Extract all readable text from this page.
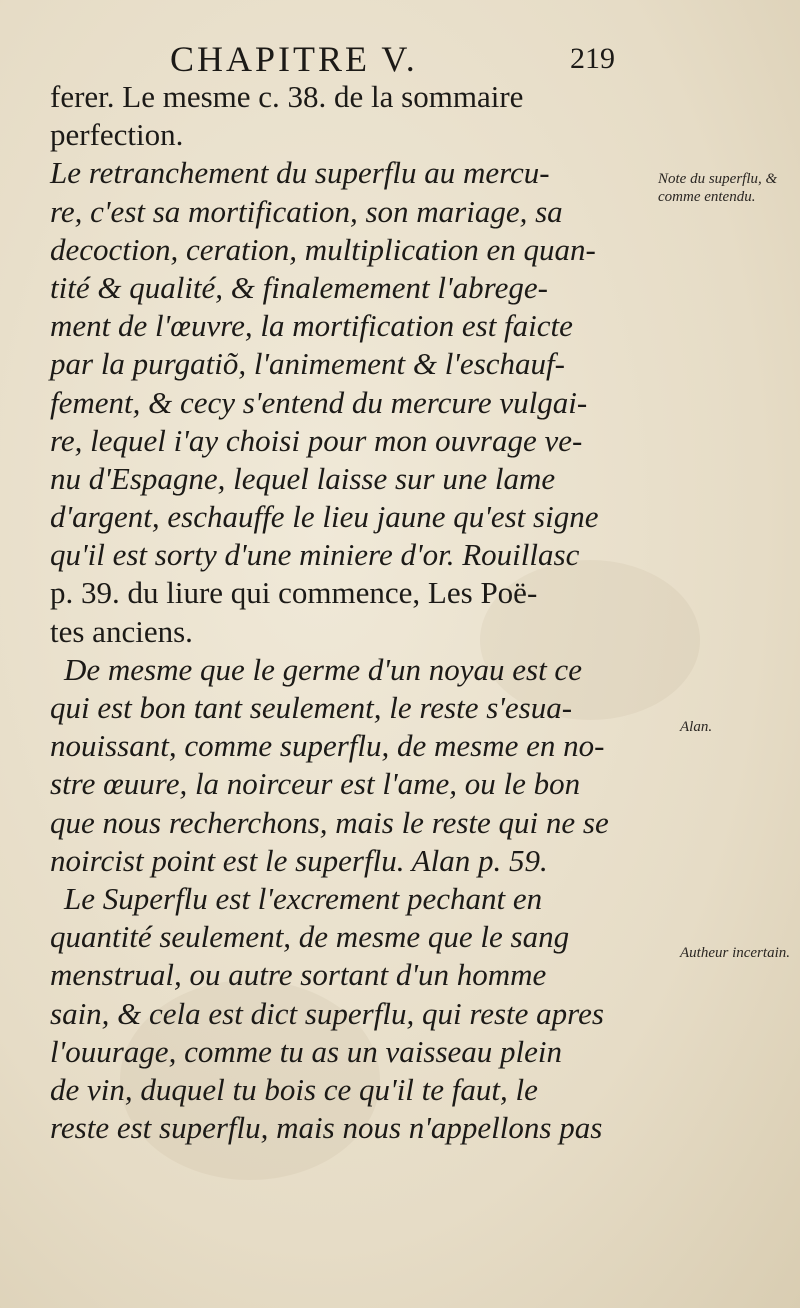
CHAPITRE V.	219
ferer. Le mesme c. 38. de la sommaire
perfection.
Le retranchement du superflu au mercu-
re, c'est sa mortification, son mariage, sa
decoction, ceration, multiplication en quan-
tité & qualité, & finalemement l'abrege-
ment de l'œuvre, la mortification est faicte
par la purgatiõ, l'animement & l'eschauf-
fement, & cecy s'entend du mercure vulgai-
re, lequel i'ay choisi pour mon ouvrage ve-
nu d'Espagne, lequel laisse sur une lame
d'argent, eschauffe le lieu jaune qu'est signe
qu'il est sorty d'une miniere d'or. Rouillasc
p. 39. du liure qui commence, Les Poë-
tes anciens.
De mesme que le germe d'un noyau est ce
qui est bon tant seulement, le reste s'esua-
nouissant, comme superflu, de mesme en no-
stre œuure, la noirceur est l'ame, ou le bon
que nous recherchons, mais le reste qui ne se
noircist point est le superflu. Alan p. 59.
Le Superflu est l'excrement pechant en
quantité seulement, de mesme que le sang
menstrual, ou autre sortant d'un homme
sain, & cela est dict superflu, qui reste apres
l'ouurage, comme tu as un vaisseau plein
de vin, duquel tu bois ce qu'il te faut, le
reste est superflu, mais nous n'appellons pas
Note du superflu, & comme entendu.
Alan.
Autheur incertain.
